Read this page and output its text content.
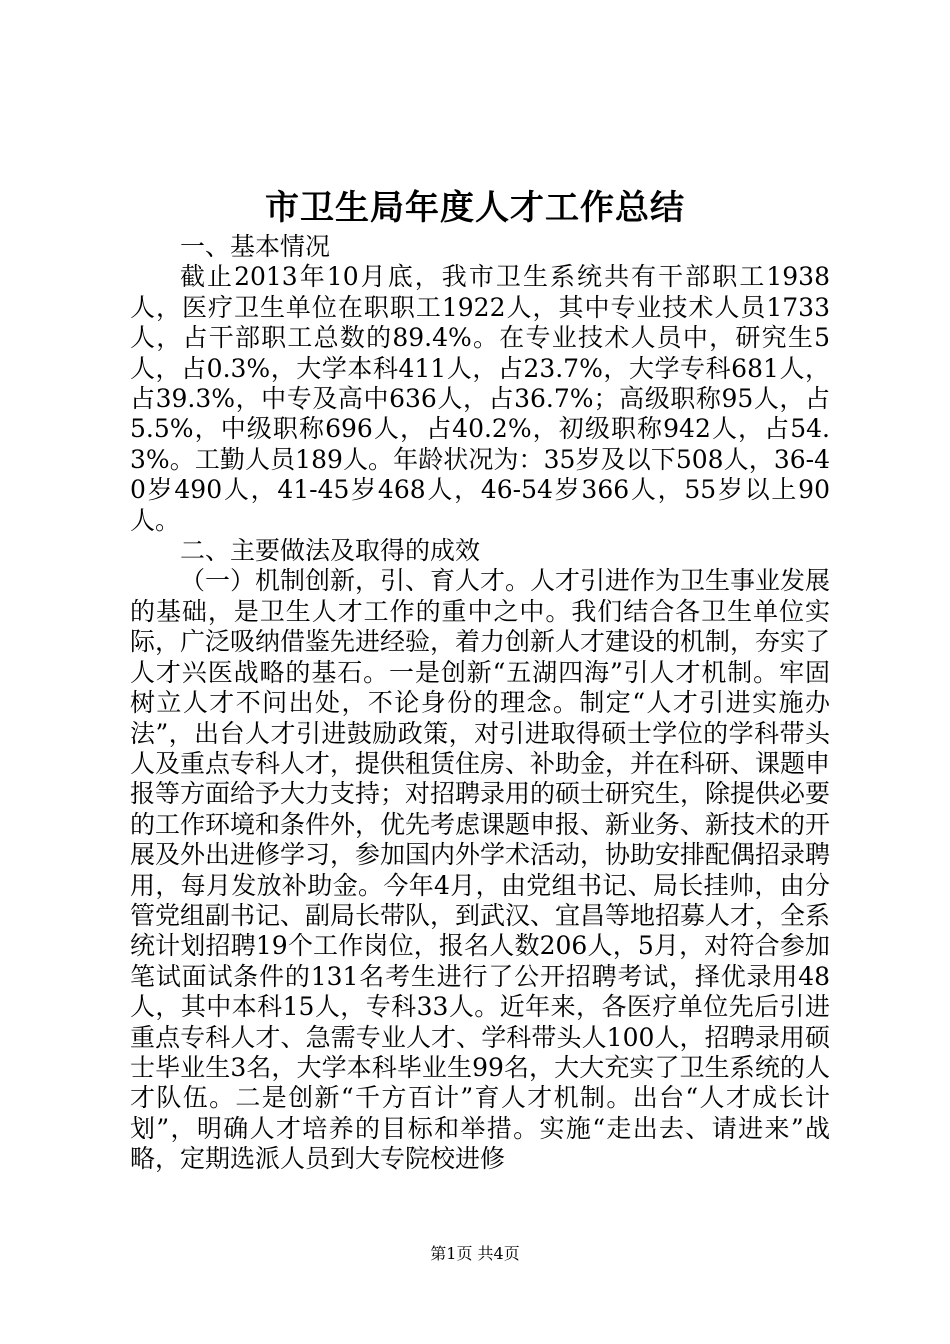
市卫生局年度人才工作总结

一、基本情况

截止2013年10月底，我市卫生系统共有干部职工1938人，医疗卫生单位在职职工1922人，其中专业技术人员1733人，占干部职工总数的89.4%。在专业技术人员中，研究生5人，占0.3%，大学本科411人，占23.7%，大学专科681人，占39.3%，中专及高中636人，占36.7%；高级职称95人，占5.5%，中级职称696人，占40.2%，初级职称942人，占54.3%。工勤人员189人。年龄状况为：35岁及以下508人，36-40岁490人，41-45岁468人，46-54岁366人，55岁以上90人。

二、主要做法及取得的成效

（一）机制创新，引、育人才。人才引进作为卫生事业发展的基础，是卫生人才工作的重中之中。我们结合各卫生单位实际，广泛吸纳借鉴先进经验，着力创新人才建设的机制，夯实了人才兴医战略的基石。一是创新“五湖四海”引人才机制。牢固树立人才不问出处，不论身份的理念。制定“人才引进实施办法”，出台人才引进鼓励政策，对引进取得硕士学位的学科带头人及重点专科人才，提供租赁住房、补助金，并在科研、课题申报等方面给予大力支持；对招聘录用的硕士研究生，除提供必要的工作环境和条件外，优先考虑课题申报、新业务、新技术的开展及外出进修学习，参加国内外学术活动，协助安排配偶招录聘用，每月发放补助金。今年4月，由党组书记、局长挂帅，由分管党组副书记、副局长带队，到武汉、宜昌等地招募人才，全系统计划招聘19个工作岗位，报名人数206人，5月，对符合参加笔试面试条件的131名考生进行了公开招聘考试，择优录用48人，其中本科15人，专科33人。近年来，各医疗单位先后引进重点专科人才、急需专业人才、学科带头人100人，招聘录用硕士毕业生3名，大学本科毕业生99名，大大充实了卫生系统的人才队伍。二是创新“千方百计”育人才机制。出台“人才成长计划”，明确人才培养的目标和举措。实施“走出去、请进来”战略，定期选派人员到大专院校进修

第1页 共4页
